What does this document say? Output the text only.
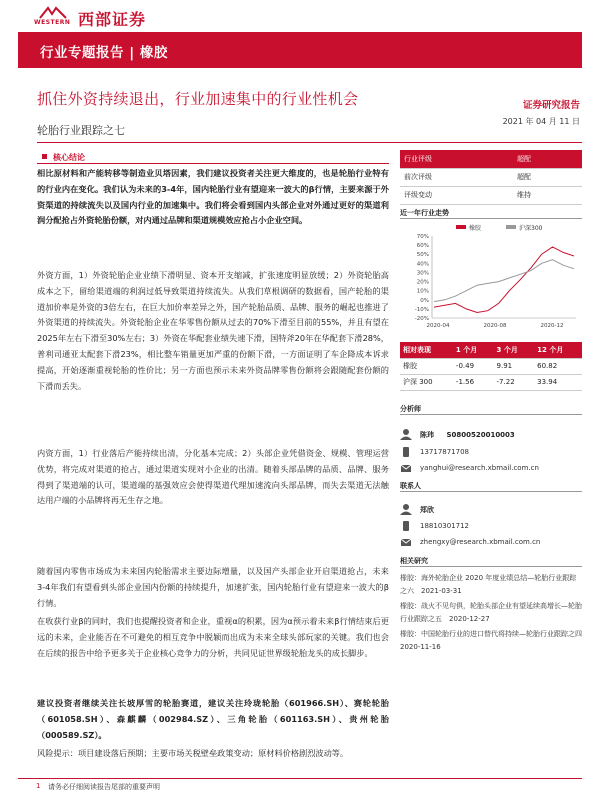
WESTERN 西部证券
行业专题报告 | 橡胶
抓住外资持续退出，行业加速集中的行业性机会	证券研究报告
2021 年 04 月 11 日
轮胎行业跟踪之七
核心结论
相比原材料和产能转移等制造业贝塔因素，我们建议投资者关注更大维度的，也是轮胎行业特有的行业内在变化。我们认为未来的3-4年，国内轮胎行业有望迎来一波大的β行情，主要来源于外资渠道的持续流失以及国内行业的加速集中。我们将会看到国内头部企业对外通过更好的渠道利润分配抢占外资轮胎份额，对内通过品牌和渠道规模效应抢占小企业空间。
外资方面，1）外资轮胎企业业绩下滑明显、资本开支缩减，扩张速度明显放缓；2）外资轮胎高成本之下，留给渠道端的利润过低导致渠道持续流失。从我们草根调研的数据看，国产轮胎的渠道加价率是外资的3倍左右，在巨大加价率差异之外，国产轮胎品质、品牌、服务的崛起也推进了外资渠道的持续流失。外资轮胎企业在华零售份额从过去的70%下滑至目前的55%，并且有望在2025年左右下滑至30%左右；3）外资在华配套业绩失速下滑，国特斧20年在华配套下滑28%，普利司通亚太配套下滑23%，相比整车销量更加严重的份额下滑，一方面证明了车企降成本诉求提高，开始逐渐重视轮胎的性价比；另一方面也预示未来外资品牌零售份额将会跟随配套份额的下滑而丢失。
内资方面，1）行业落后产能持续出清，分化基本完成；2）头部企业凭借资金、规模、管理运营优势，将完成对渠道的抢占，通过渠道实现对小企业的出清。随着头部品牌的品质、品牌、服务得到了渠道端的认可，渠道端的基强效应会使得渠道代理加速流向头部品牌，而失去渠道无法触达用户端的小品牌将再无生存之地。
随着国内零售市场成为未来国内轮胎需求主要边际增量，以及国产头部企业开启渠道抢占，未来3-4年我们有望看到头部企业国内份额的持续提升，加速扩张，国内轮胎行业有望迎来一波大的β行情。
在收获行业β的同时，我们也提醒投资者和企业，重视α的积累，因为α预示着未来β行情结束后更远的未来，企业能否在不可避免的相互竞争中脱颖而出成为未来全球头部玩家的关键。我们也会在后续的报告中给予更多关于企业核心竞争力的分析，共同见证世界级轮胎龙头的成长脚步。
建议投资者继续关注长坡厚雪的轮胎赛道，建议关注玲珑轮胎（601966.SH）、赛轮轮胎（601058.SH）、森麒麟（002984.SZ）、三角轮胎（601163.SH）、贵州轮胎（000589.SZ）。
风险提示：项目建设落后预期；主要市场关税壁垒政策变动；原材料价格剧烈波动等。
行业评级	超配
前次评级	超配
评级变动	维持
近一年行业走势
橡胶	沪深300
70%
60%
50%
40%
30%
20%
10%
0%
-10%
-20%
2020-04	2020-08	2020-12
相对表现	1 个月	3 个月	12 个月
橡胶	-0.49	9.91	60.82
沪深 300	-1.56	-7.22	33.94
分析师
陈玮 S0800520010003
13717871708
yanghui@research.xbmail.com.cn
联系人
郑欣
18810301712
zhengxy@research.xbmail.com.cn
相关研究
橡胶：海外轮胎企业 2020 年度业绩总结—轮胎行业跟踪之六　2021-03-31
橡胶：战火不见句俱，轮胎头部企业有望延续高增长—轮胎行业跟踪之五　2020-12-27
橡胶：中国轮胎行业的进口替代将持续—轮胎行业跟踪之四　2020-11-16
1 请务必仔细阅读报告尾部的重要声明
